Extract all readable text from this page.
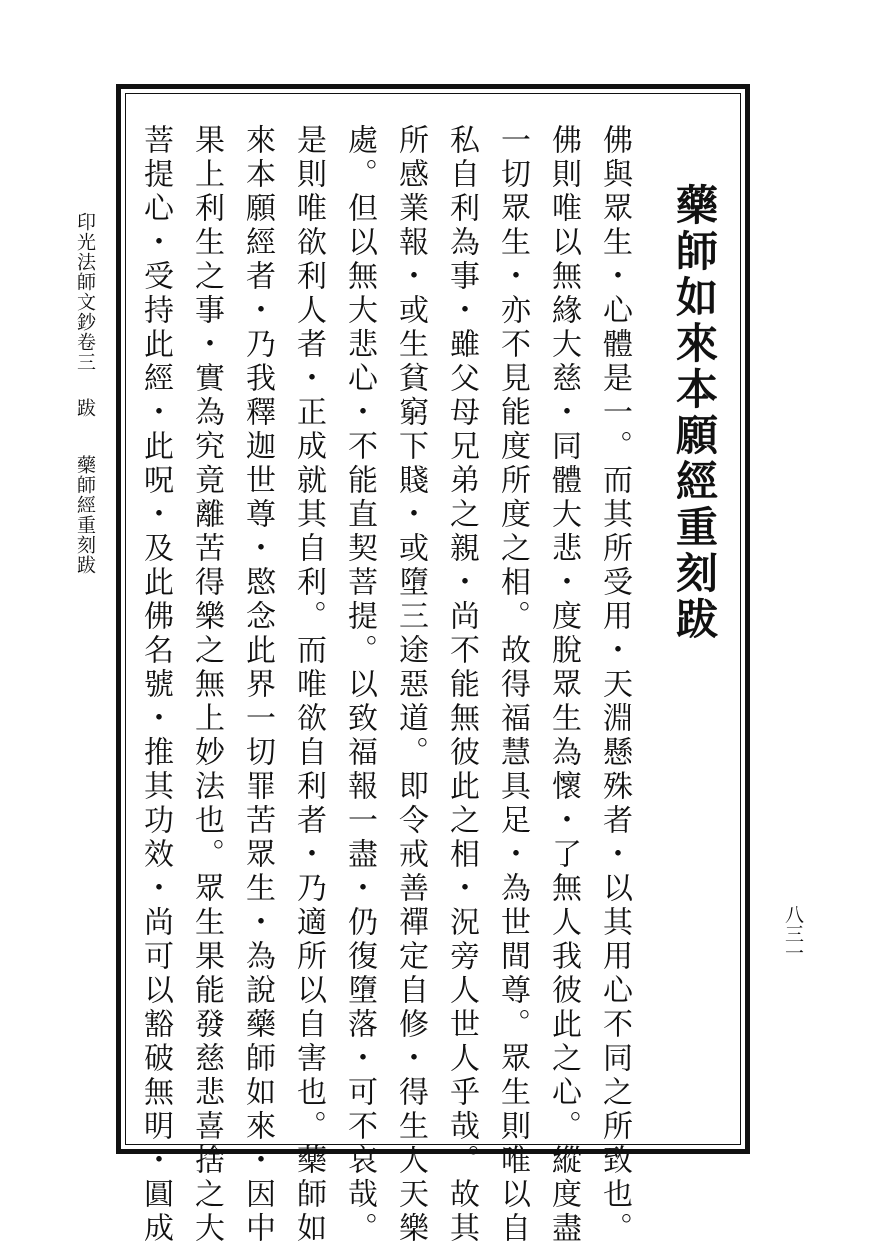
印光法師文鈔卷三
跋
藥師經重刻跋
八三一
藥師如來本願經重刻跋
佛與眾生・心體是一。而其所受用・天淵懸殊者・以其用心不同之所致也。
佛則唯以無緣大慈・同體大悲・度脫眾生為懷・了無人我彼此之心。縱度盡
一切眾生・亦不見能度所度之相。故得福慧具足・為世間尊。眾生則唯以自
私自利為事・雖父母兄弟之親・尚不能無彼此之相・況旁人世人乎哉。故其
所感業報・或生貧窮下賤・或墮三途惡道。即令戒善禪定自修・得生人天樂
處。但以無大悲心・不能直契菩提。以致福報一盡・仍復墮落・可不哀哉。
是則唯欲利人者・正成就其自利。而唯欲自利者・乃適所以自害也。藥師如
來本願經者・乃我釋迦世尊・愍念此界一切罪苦眾生・為說藥師如來・因中
果上利生之事・實為究竟離苦得樂之無上妙法也。眾生果能發慈悲喜捨之大
菩提心・受持此經・此呪・及此佛名號・推其功效・尚可以豁破無明・圓成
